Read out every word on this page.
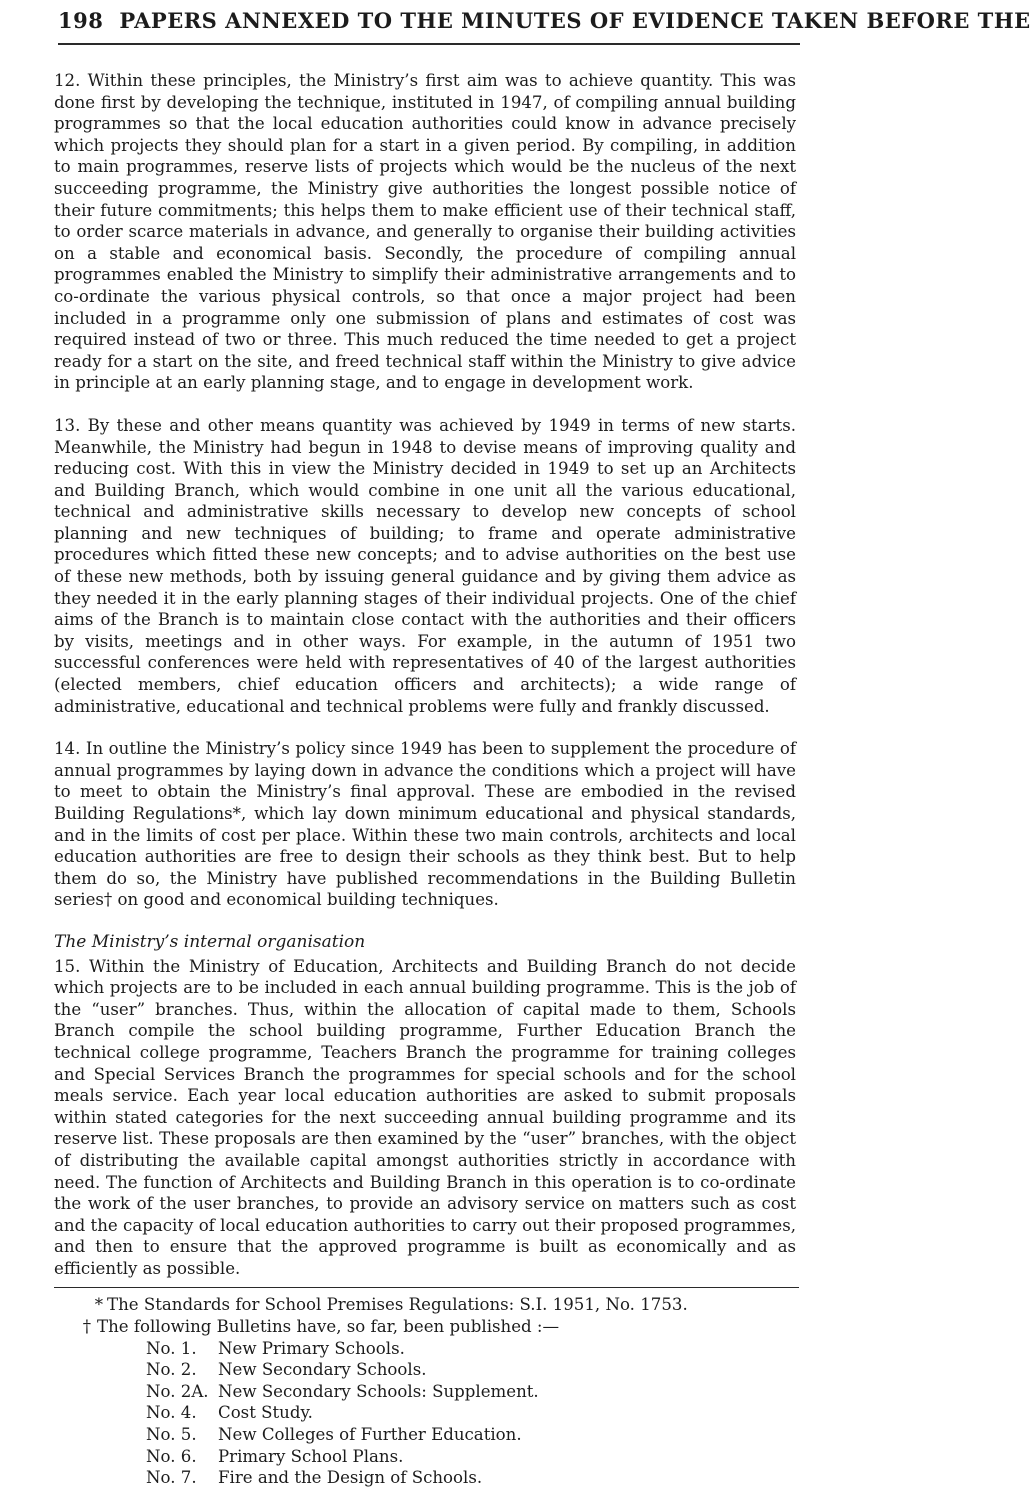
198 PAPERS ANNEXED TO THE MINUTES OF EVIDENCE TAKEN BEFORE THE

12. Within these principles, the Ministry’s first aim was to achieve quantity. This was done first by developing the technique, instituted in 1947, of compiling annual building programmes so that the local education authorities could know in advance precisely which projects they should plan for a start in a given period. By compiling, in addition to main programmes, reserve lists of projects which would be the nucleus of the next succeeding programme, the Ministry give authorities the longest possible notice of their future commitments; this helps them to make efficient use of their technical staff, to order scarce materials in advance, and generally to organise their building activities on a stable and economical basis. Secondly, the procedure of compiling annual programmes enabled the Ministry to simplify their administrative arrangements and to co-ordinate the various physical controls, so that once a major project had been included in a programme only one submission of plans and estimates of cost was required instead of two or three. This much reduced the time needed to get a project ready for a start on the site, and freed technical staff within the Ministry to give advice in principle at an early planning stage, and to engage in development work.

13. By these and other means quantity was achieved by 1949 in terms of new starts. Meanwhile, the Ministry had begun in 1948 to devise means of improving quality and reducing cost. With this in view the Ministry decided in 1949 to set up an Architects and Building Branch, which would combine in one unit all the various educational, technical and administrative skills necessary to develop new concepts of school planning and new techniques of building; to frame and operate administrative procedures which fitted these new concepts; and to advise authorities on the best use of these new methods, both by issuing general guidance and by giving them advice as they needed it in the early planning stages of their individual projects. One of the chief aims of the Branch is to maintain close contact with the authorities and their officers by visits, meetings and in other ways. For example, in the autumn of 1951 two successful conferences were held with representatives of 40 of the largest authorities (elected members, chief education officers and architects); a wide range of administrative, educational and technical problems were fully and frankly discussed.

14. In outline the Ministry’s policy since 1949 has been to supplement the procedure of annual programmes by laying down in advance the conditions which a project will have to meet to obtain the Ministry’s final approval. These are embodied in the revised Building Regulations*, which lay down minimum educational and physical standards, and in the limits of cost per place. Within these two main controls, architects and local education authorities are free to design their schools as they think best. But to help them do so, the Ministry have published recommendations in the Building Bulletin series† on good and economical building techniques.

The Ministry’s internal organisation

15. Within the Ministry of Education, Architects and Building Branch do not decide which projects are to be included in each annual building programme. This is the job of the “user” branches. Thus, within the allocation of capital made to them, Schools Branch compile the school building programme, Further Education Branch the technical college programme, Teachers Branch the programme for training colleges and Special Services Branch the programmes for special schools and for the school meals service. Each year local education authorities are asked to submit proposals within stated categories for the next succeeding annual building programme and its reserve list. These proposals are then examined by the “user” branches, with the object of distributing the available capital amongst authorities strictly in accordance with need. The function of Architects and Building Branch in this operation is to co-ordinate the work of the user branches, to provide an advisory service on matters such as cost and the capacity of local education authorities to carry out their proposed programmes, and then to ensure that the approved programme is built as economically and as efficiently as possible.

* The Standards for School Premises Regulations: S.I. 1951, No. 1753.
† The following Bulletins have, so far, been published :—
No. 1.	New Primary Schools.
No. 2.	New Secondary Schools.
No. 2A. New Secondary Schools: Supplement.
No. 4.	Cost Study.
No. 5.	New Colleges of Further Education.
No. 6.	Primary School Plans.
No. 7.	Fire and the Design of Schools.
